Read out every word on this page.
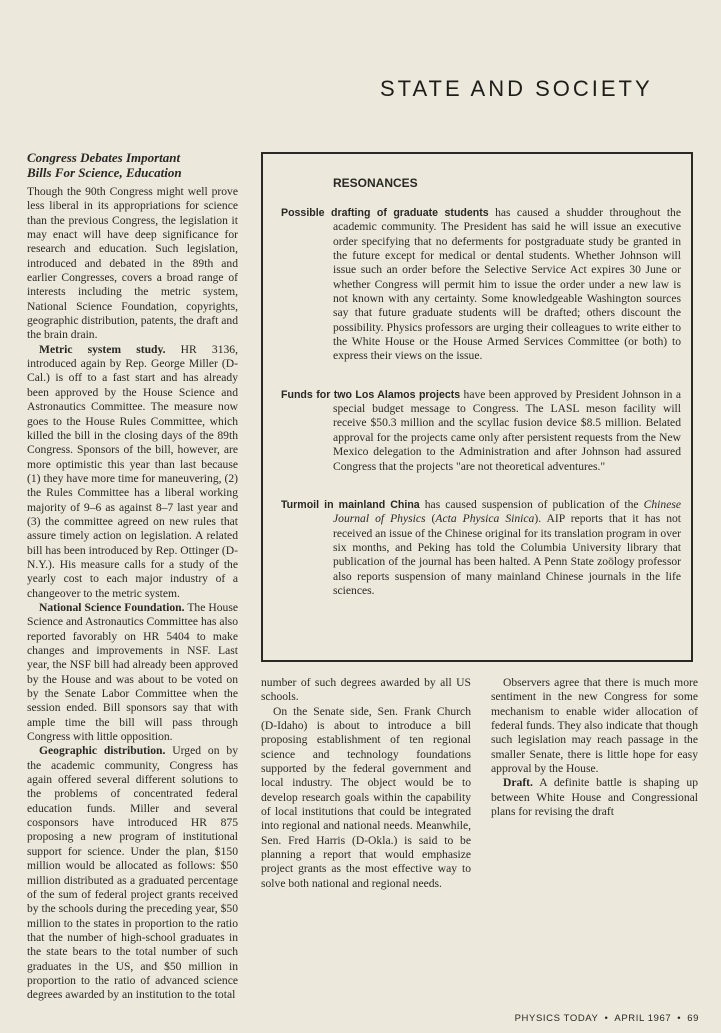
STATE AND SOCIETY
Congress Debates Important
Bills For Science, Education

Though the 90th Congress might well prove less liberal in its appropriations for science than the previous Congress, the legislation it may enact will have deep significance for research and education. Such legislation, introduced and debated in the 89th and earlier Congresses, covers a broad range of interests including the metric system, National Science Foundation, copyrights, geographic distribution, patents, the draft and the brain drain.

Metric system study. HR 3136, introduced again by Rep. George Miller (D-Cal.) is off to a fast start and has already been approved by the House Science and Astronautics Committee. The measure now goes to the House Rules Committee, which killed the bill in the closing days of the 89th Congress. Sponsors of the bill, however, are more optimistic this year than last because (1) they have more time for maneuvering, (2) the Rules Committee has a liberal working majority of 9–6 as against 8–7 last year and (3) the committee agreed on new rules that assure timely action on legislation. A related bill has been introduced by Rep. Ottinger (D-N.Y.). His measure calls for a study of the yearly cost to each major industry of a changeover to the metric system.

National Science Foundation. The House Science and Astronautics Committee has also reported favorably on HR 5404 to make changes and improvements in NSF. Last year, the NSF bill had already been approved by the House and was about to be voted on by the Senate Labor Committee when the session ended. Bill sponsors say that with ample time the bill will pass through Congress with little opposition.

Geographic distribution. Urged on by the academic community, Congress has again offered several different solutions to the problems of concentrated federal education funds. Miller and several cosponsors have introduced HR 875 proposing a new program of institutional support for science. Under the plan, $150 million would be allocated as follows: $50 million distributed as a graduated percentage of the sum of federal project grants received by the schools during the preceding year, $50 million to the states in proportion to the ratio that the number of high-school graduates in the state bears to the total number of such graduates in the US, and $50 million in proportion to the ratio of advanced science degrees awarded by an institution to the total

RESONANCES

Possible drafting of graduate students has caused a shudder throughout the academic community. The President has said he will issue an executive order specifying that no deferments for postgraduate study be granted in the future except for medical or dental students. Whether Johnson will issue such an order before the Selective Service Act expires 30 June or whether Congress will permit him to issue the order under a new law is not known with any certainty. Some knowledgeable Washington sources say that future graduate students will be drafted; others discount the possibility. Physics professors are urging their colleagues to write either to the White House or the House Armed Services Committee (or both) to express their views on the issue.

Funds for two Los Alamos projects have been approved by President Johnson in a special budget message to Congress. The LASL meson facility will receive $50.3 million and the scyllac fusion device $8.5 million. Belated approval for the projects came only after persistent requests from the New Mexico delegation to the Administration and after Johnson had assured Congress that the projects "are not theoretical adventures."

Turmoil in mainland China has caused suspension of publication of the Chinese Journal of Physics (Acta Physica Sinica). AIP reports that it has not received an issue of the Chinese original for its translation program in over six months, and Peking has told the Columbia University library that publication of the journal has been halted. A Penn State zoölogy professor also reports suspension of many mainland Chinese journals in the life sciences.

number of such degrees awarded by all US schools.

On the Senate side, Sen. Frank Church (D-Idaho) is about to introduce a bill proposing establishment of ten regional science and technology foundations supported by the federal government and local industry. The object would be to develop research goals within the capability of local institutions that could be integrated into regional and national needs. Meanwhile, Sen. Fred Harris (D-Okla.) is said to be planning a report that would emphasize project grants as the most effective way to solve both national and regional needs.

Observers agree that there is much more sentiment in the new Congress for some mechanism to enable wider allocation of federal funds. They also indicate that though such legislation may reach passage in the smaller Senate, there is little hope for easy approval by the House.

Draft. A definite battle is shaping up between White House and Congressional plans for revising the draft

PHYSICS TODAY • APRIL 1967 • 69
